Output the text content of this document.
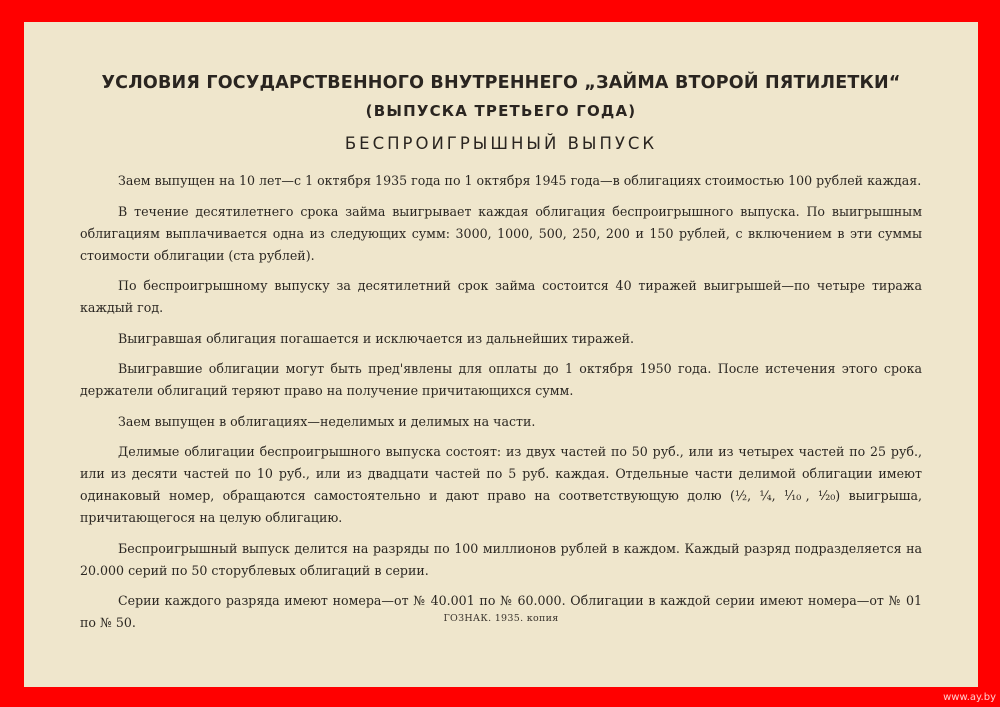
УСЛОВИЯ ГОСУДАРСТВЕННОГО ВНУТРЕННЕГО „ЗАЙМА ВТОРОЙ ПЯТИЛЕТКИ“
(ВЫПУСКА ТРЕТЬЕГО ГОДА)
БЕСПРОИГРЫШНЫЙ ВЫПУСК

Заем выпущен на 10 лет—с 1 октября 1935 года по 1 октября 1945 года—в облигациях стоимостью 100 рублей каждая.

В течение десятилетнего срока займа выигрывает каждая облигация беспроигрышного выпуска. По выигрышным облигациям выплачивается одна из следующих сумм: 3000, 1000, 500, 250, 200 и 150 рублей, с включением в эти суммы стоимости облигации (ста рублей).

По беспроигрышному выпуску за десятилетний срок займа состоится 40 тиражей выигрышей—по четыре тиража каждый год.

Выигравшая облигация погашается и исключается из дальнейших тиражей.

Выигравшие облигации могут быть пред'явлены для оплаты до 1 октября 1950 года. После истечения этого срока держатели облигаций теряют право на получение причитающихся сумм.

Заем выпущен в облигациях—неделимых и делимых на части.

Делимые облигации беспроигрышного выпуска состоят: из двух частей по 50 руб., или из четырех частей по 25 руб., или из десяти частей по 10 руб., или из двадцати частей по 5 руб. каждая. Отдельные части делимой облигации имеют одинаковый номер, обращаются самостоятельно и дают право на соответствующую долю (½, ¼, ⅒, ¹⁄₂₀) выигрыша, причитающегося на целую облигацию.

Беспроигрышный выпуск делится на разряды по 100 миллионов рублей в каждом. Каждый разряд подразделяется на 20.000 серий по 50 сторублевых облигаций в серии.

Серии каждого разряда имеют номера—от № 40.001 по № 60.000. Облигации в каждой серии имеют номера—от № 01 по № 50.	ГОЗНАК. 1935. копия
www.ay.by
